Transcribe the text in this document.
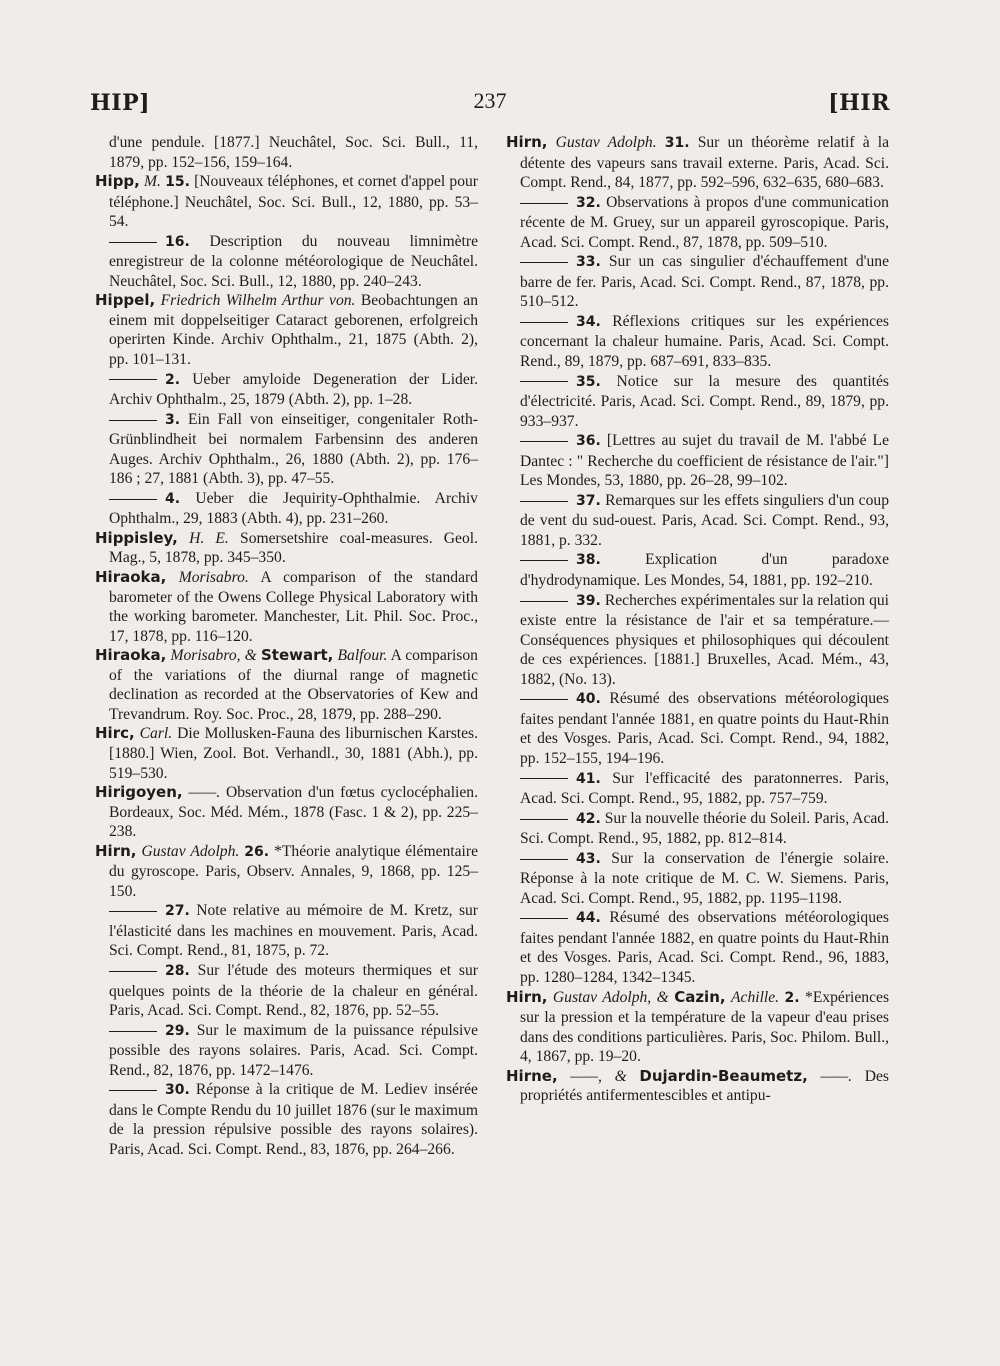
HIP]	237	[HIR

d'une pendule. [1877.] Neuchâtel, Soc. Sci. Bull., 11, 1879, pp. 152–156, 159–164.

Hipp, M. 15. [Nouveaux téléphones, et cornet d'appel pour téléphone.] Neuchâtel, Soc. Sci. Bull., 12, 1880, pp. 53–54.

16. Description du nouveau limnimètre enregistreur de la colonne météorologique de Neuchâtel. Neuchâtel, Soc. Sci. Bull., 12, 1880, pp. 240–243.

Hippel, Friedrich Wilhelm Arthur von. Beobachtungen an einem mit doppelseitiger Cataract geborenen, erfolgreich operirten Kinde. Archiv Ophthalm., 21, 1875 (Abth. 2), pp. 101–131.

2. Ueber amyloide Degeneration der Lider. Archiv Ophthalm., 25, 1879 (Abth. 2), pp. 1–28.

3. Ein Fall von einseitiger, congenitaler Roth-Grünblindheit bei normalem Farbensinn des anderen Auges. Archiv Ophthalm., 26, 1880 (Abth. 2), pp. 176–186 ; 27, 1881 (Abth. 3), pp. 47–55.

4. Ueber die Jequirity-Ophthalmie. Archiv Ophthalm., 29, 1883 (Abth. 4), pp. 231–260.

Hippisley, H. E. Somersetshire coal-measures. Geol. Mag., 5, 1878, pp. 345–350.

Hiraoka, Morisabro. A comparison of the standard barometer of the Owens College Physical Laboratory with the working barometer. Manchester, Lit. Phil. Soc. Proc., 17, 1878, pp. 116–120.

Hiraoka, Morisabro, & Stewart, Balfour. A comparison of the variations of the diurnal range of magnetic declination as recorded at the Observatories of Kew and Trevandrum. Roy. Soc. Proc., 28, 1879, pp. 288–290.

Hirc, Carl. Die Mollusken-Fauna des liburnischen Karstes. [1880.] Wien, Zool. Bot. Verhandl., 30, 1881 (Abh.), pp. 519–530.

Hirigoyen, ——. Observation d'un fœtus cyclocéphalien. Bordeaux, Soc. Méd. Mém., 1878 (Fasc. 1 & 2), pp. 225–238.

Hirn, Gustav Adolph. 26. *Théorie analytique élémentaire du gyroscope. Paris, Observ. Annales, 9, 1868, pp. 125–150.

27. Note relative au mémoire de M. Kretz, sur l'élasticité dans les machines en mouvement. Paris, Acad. Sci. Compt. Rend., 81, 1875, p. 72.

28. Sur l'étude des moteurs thermiques et sur quelques points de la théorie de la chaleur en général. Paris, Acad. Sci. Compt. Rend., 82, 1876, pp. 52–55.

29. Sur le maximum de la puissance répulsive possible des rayons solaires. Paris, Acad. Sci. Compt. Rend., 82, 1876, pp. 1472–1476.

30. Réponse à la critique de M. Lediev insérée dans le Compte Rendu du 10 juillet 1876 (sur le maximum de la pression répulsive possible des rayons solaires). Paris, Acad. Sci. Compt. Rend., 83, 1876, pp. 264–266.

Hirn, Gustav Adolph. 31. Sur un théorème relatif à la détente des vapeurs sans travail externe. Paris, Acad. Sci. Compt. Rend., 84, 1877, pp. 592–596, 632–635, 680–683.

32. Observations à propos d'une communication récente de M. Gruey, sur un appareil gyroscopique. Paris, Acad. Sci. Compt. Rend., 87, 1878, pp. 509–510.

33. Sur un cas singulier d'échauffement d'une barre de fer. Paris, Acad. Sci. Compt. Rend., 87, 1878, pp. 510–512.

34. Réflexions critiques sur les expériences concernant la chaleur humaine. Paris, Acad. Sci. Compt. Rend., 89, 1879, pp. 687–691, 833–835.

35. Notice sur la mesure des quantités d'électricité. Paris, Acad. Sci. Compt. Rend., 89, 1879, pp. 933–937.

36. [Lettres au sujet du travail de M. l'abbé Le Dantec : " Recherche du coefficient de résistance de l'air."] Les Mondes, 53, 1880, pp. 26–28, 99–102.

37. Remarques sur les effets singuliers d'un coup de vent du sud-ouest. Paris, Acad. Sci. Compt. Rend., 93, 1881, p. 332.

38.	Explication d'un paradoxe d'hydrodynamique. Les Mondes, 54, 1881, pp. 192–210.

39. Recherches expérimentales sur la relation qui existe entre la résistance de l'air et sa température.—Conséquences physiques et philosophiques qui découlent de ces expériences. [1881.] Bruxelles, Acad. Mém., 43, 1882, (No. 13).

40. Résumé des observations météorologiques faites pendant l'année 1881, en quatre points du Haut-Rhin et des Vosges. Paris, Acad. Sci. Compt. Rend., 94, 1882, pp. 152–155, 194–196.

41. Sur l'efficacité des paratonnerres. Paris, Acad. Sci. Compt. Rend., 95, 1882, pp. 757–759.

42. Sur la nouvelle théorie du Soleil. Paris, Acad. Sci. Compt. Rend., 95, 1882, pp. 812–814.

43. Sur la conservation de l'énergie solaire. Réponse à la note critique de M. C. W. Siemens. Paris, Acad. Sci. Compt. Rend., 95, 1882, pp. 1195–1198.

44. Résumé des observations météorologiques faites pendant l'année 1882, en quatre points du Haut-Rhin et des Vosges. Paris, Acad. Sci. Compt. Rend., 96, 1883, pp. 1280–1284, 1342–1345.

Hirn, Gustav Adolph, & Cazin, Achille. 2. *Expériences sur la pression et la température de la vapeur d'eau prises dans des conditions particulières. Paris, Soc. Philom. Bull., 4, 1867, pp. 19–20.

Hirne, ——, & Dujardin-Beaumetz, ——. Des propriétés antifermentescibles et antipu-
